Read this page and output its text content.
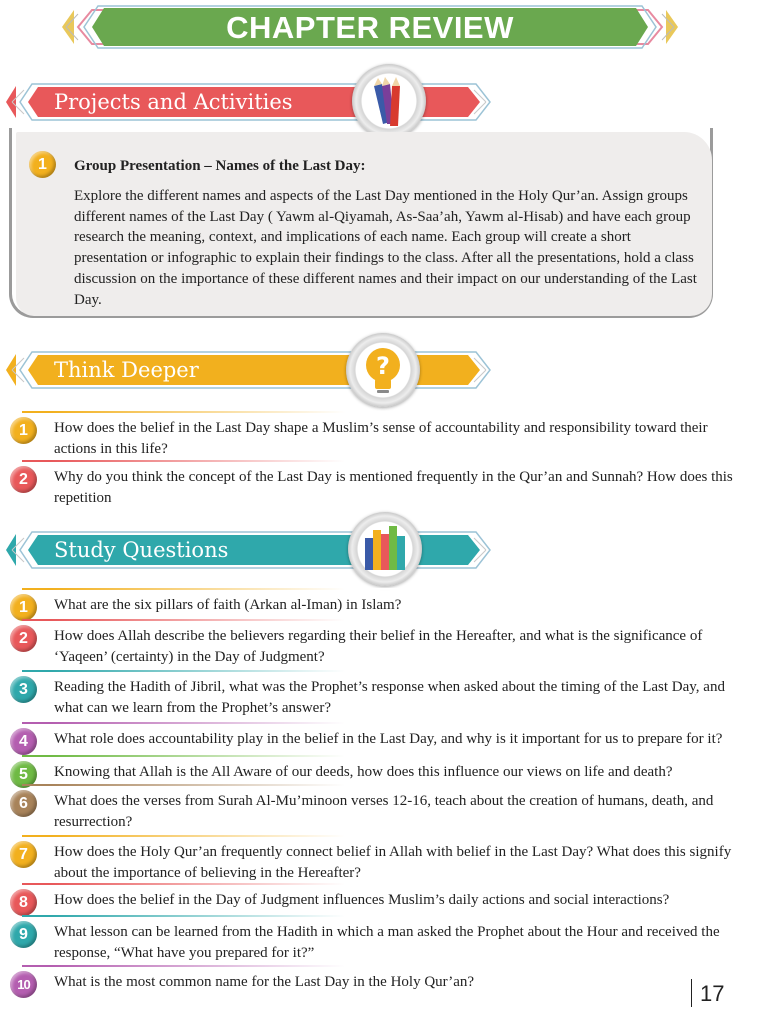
CHAPTER REVIEW
Projects and Activities
1	Group Presentation – Names of the Last Day:
Explore the different names and aspects of the Last Day mentioned in the Holy Qur’an. Assign groups different names of the Last Day ( Yawm al-Qiyamah, As-Saa’ah, Yawm al-Hisab) and have each group research the meaning, context, and implications of each name. Each group will create a short presentation or infographic to explain their findings to the class. After all the presentations, hold a class discussion on the importance of these different names and their impact on our understanding of the Last Day.
Think Deeper	?
1	How does the belief in the Last Day shape a Muslim’s sense of accountability and responsibility toward their actions in this life?
2	Why do you think the concept of the Last Day is mentioned frequently in the Qur’an and Sunnah? How does this repetition
Study Questions
1	What are the six pillars of faith (Arkan al-Iman) in Islam?
2	How does Allah describe the believers regarding their belief in the Hereafter, and what is the significance of ‘Yaqeen’ (certainty) in the Day of Judgment?
3	Reading the Hadith of Jibril, what was the Prophet’s response when asked about the timing of the Last Day, and what can we learn from the Prophet’s answer?
4	What role does accountability play in the belief in the Last Day, and why is it important for us to prepare for it?
5	Knowing that Allah is the All Aware of our deeds, how does this influence our views on life and death?
6	What does the verses from Surah Al-Mu’minoon verses 12-16, teach about the creation of humans, death, and resurrection?
7	How does the Holy Qur’an frequently connect belief in Allah with belief in the Last Day? What does this signify about the importance of believing in the Hereafter?
8	How does the belief in the Day of Judgment influences Muslim’s daily actions and social interactions?
9	What lesson can be learned from the Hadith in which a man asked the Prophet about the Hour and received the response, “What have you prepared for it?”
10	What is the most common name for the Last Day in the Holy Qur’an?	17
